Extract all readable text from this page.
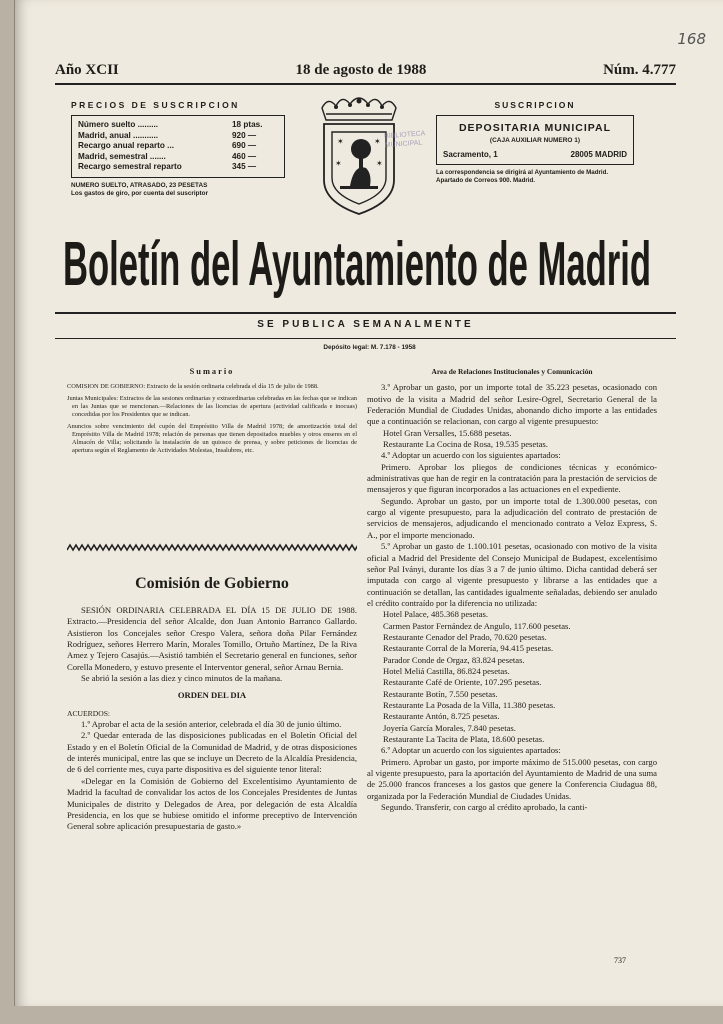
168
Año XCII	18 de agosto de 1988	Núm. 4.777
PRECIOS DE SUSCRIPCION
Número suelto .........	18 ptas.
Madrid, anual ...........	920 —
Recargo anual reparto ...	690 —
Madrid, semestral .......	460 —
Recargo semestral reparto	345 —
NUMERO SUELTO, ATRASADO, 23 PESETAS
Los gastos de giro, por cuenta del suscriptor
✶	✶
✶	✶
BIBLIOTECA
MUNICIPAL
SUSCRIPCION
DEPOSITARIA MUNICIPAL
(CAJA AUXILIAR NUMERO 1)
Sacramento, 1	28005 MADRID
La correspondencia se dirigirá al Ayuntamiento de Madrid. Apartado de Correos 900. Madrid.
Boletín del Ayuntamiento de Madrid
SE PUBLICA SEMANALMENTE
Depósito legal: M. 7.178 - 1958
Sumario

COMISION DE GOBIERNO: Extracto de la sesión ordinaria celebrada el día 15 de julio de 1988.

Juntas Municipales: Extractos de las sesiones ordinarias y extraordinarias celebradas en las fechas que se indican en las Juntas que se mencionan.—Relaciones de las licencias de apertura (actividad calificada e inocuas) concedidas por los Presidentes que se indican.

Anuncios sobre vencimiento del cupón del Empréstito Villa de Madrid 1978; de amortización total del Empréstito Villa de Madrid 1978; relación de personas que tienen depositados muebles y otros enseres en el Almacén de Villa; solicitando la instalación de un quiosco de prensa, y sobre peticiones de licencias de apertura según el Reglamento de Actividades Molestas, Insalubres, etc.

Comisión de Gobierno

SESIÓN ORDINARIA CELEBRADA EL DÍA 15 DE JULIO DE 1988. Extracto.—Presidencia del señor Alcalde, don Juan Antonio Barranco Gallardo. Asistieron los Concejales señor Crespo Valera, señora doña Pilar Fernández Rodríguez, señores Herrero Marín, Morales Tomillo, Ortuño Martínez, De la Riva Amez y Tejero Casajús.—Asistió también el Secretario general en funciones, señor Corella Monedero, y estuvo presente el Interventor general, señor Arnau Bernia.

Se abrió la sesión a las diez y cinco minutos de la mañana.

ORDEN DEL DIA

ACUERDOS:

1.º Aprobar el acta de la sesión anterior, celebrada el día 30 de junio último.

2.º Quedar enterada de las disposiciones publicadas en el Boletín Oficial del Estado y en el Boletín Oficial de la Comunidad de Madrid, y de otras disposiciones de interés municipal, entre las que se incluye un Decreto de la Alcaldía Presidencia, de 6 del corriente mes, cuya parte dispositiva es del siguiente tenor literal:

«Delegar en la Comisión de Gobierno del Excelentísimo Ayuntamiento de Madrid la facultad de convalidar los actos de los Concejales Presidentes de Juntas Municipales de distrito y Delegados de Area, por delegación de esta Alcaldía Presidencia, en los que se hubiese omitido el informe preceptivo de Intervención General sobre aplicación presupuestaria de gasto.»

Area de Relaciones Institucionales y Comunicación

3.º Aprobar un gasto, por un importe total de 35.223 pesetas, ocasionado con motivo de la visita a Madrid del señor Lesire-Ogrel, Secretario General de la Federación Mundial de Ciudades Unidas, abonando dicho importe a las entidades que a continuación se relacionan, con cargo al vigente presupuesto:

Hotel Gran Versalles, 15.688 pesetas.

Restaurante La Cocina de Rosa, 19.535 pesetas.

4.º Adoptar un acuerdo con los siguientes apartados:

Primero. Aprobar los pliegos de condiciones técnicas y económico-administrativas que han de regir en la contratación para la prestación de servicios de mensajeros y que figuran incorporados a las actuaciones en el expediente.

Segundo. Aprobar un gasto, por un importe total de 1.300.000 pesetas, con cargo al vigente presupuesto, para la adjudicación del contrato de prestación de servicios de mensajeros, adjudicando el mencionado contrato a Veloz Express, S. A., por el importe mencionado.

5.º Aprobar un gasto de 1.100.101 pesetas, ocasionado con motivo de la visita oficial a Madrid del Presidente del Consejo Municipal de Budapest, excelentísimo señor Pal Iványi, durante los días 3 a 7 de junio último. Dicha cantidad deberá ser imputada con cargo al vigente presupuesto y librarse a las entidades que a continuación se detallan, las cantidades igualmente señaladas, debiendo ser anulado el crédito contraído por la diferencia no utilizada:

Hotel Palace, 485.368 pesetas.

Carmen Pastor Fernández de Angulo, 117.600 pesetas.

Restaurante Cenador del Prado, 70.620 pesetas.

Restaurante Corral de la Morería, 94.415 pesetas.

Parador Conde de Orgaz, 83.824 pesetas.

Hotel Meliá Castilla, 86.824 pesetas.

Restaurante Café de Oriente, 107.295 pesetas.

Restaurante Botín, 7.550 pesetas.

Restaurante La Posada de la Villa, 11.380 pesetas.

Restaurante Antón, 8.725 pesetas.

Joyería García Morales, 7.840 pesetas.

Restaurante La Tacita de Plata, 18.600 pesetas.

6.º Adoptar un acuerdo con los siguientes apartados:

Primero. Aprobar un gasto, por importe máximo de 515.000 pesetas, con cargo al vigente presupuesto, para la aportación del Ayuntamiento de Madrid de una suma de 25.000 francos franceses a los gastos que genere la Conferencia Ciudagua 88, organizada por la Federación Mundial de Ciudades Unidas.

Segundo. Transferir, con cargo al crédito aprobado, la canti-

737
